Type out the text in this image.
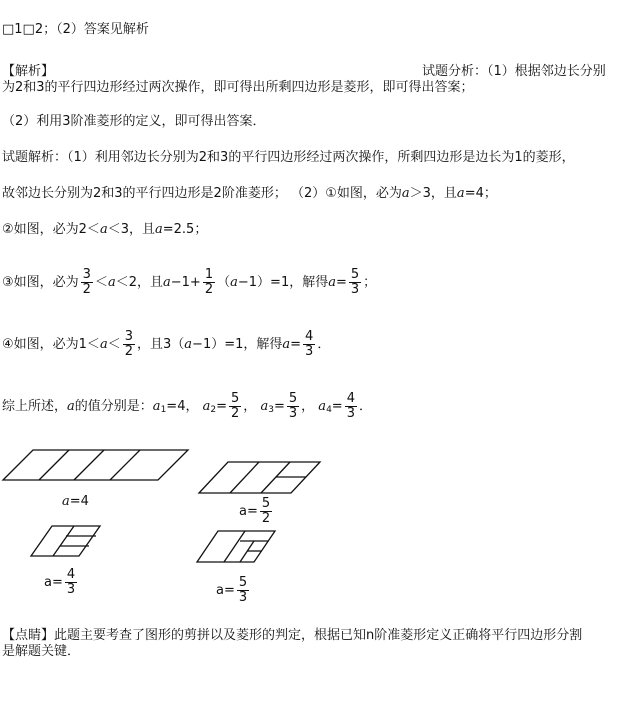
□1□2；（2）答案见解析
【解析】	试题分析：（1）根据邻边长分别
为2和3的平行四边形经过两次操作，即可得出所剩四边形是菱形，即可得出答案；
（2）利用3阶准菱形的定义，即可得出答案．
试题解析：（1）利用邻边长分别为2和3的平行四边形经过两次操作，所剩四边形是边长为1的菱形，
故邻边长分别为2和3的平行四边形是2阶准菱形； （2）①如图，必为a＞3，且a=4；
②如图，必为2＜a＜3，且a=2.5；
③如图，必为 $\frac{3}{2} <a<2$，且$a-1+ \frac{1}{2} (a-1)=1$，解得$a= \frac{5}{3}$ ；
④如图，必为$1<a< \frac{3}{2}$ ，且3（a−1）=1，解得$a= \frac{4}{3}$ ．
综上所述，a的值分别是：$a_1=4$， $a_2= \frac{5}{2}$ ， $a_3= \frac{5}{3}$ ， $a_4= \frac{4}{3}$ ．
a=4
$a= \frac{5}{2}$
$a= \frac{4}{3}$	$a= \frac{5}{3}$
【点睛】此题主要考查了图形的剪拼以及菱形的判定，根据已知n阶准菱形定义正确将平行四边形分割
是解题关键．
